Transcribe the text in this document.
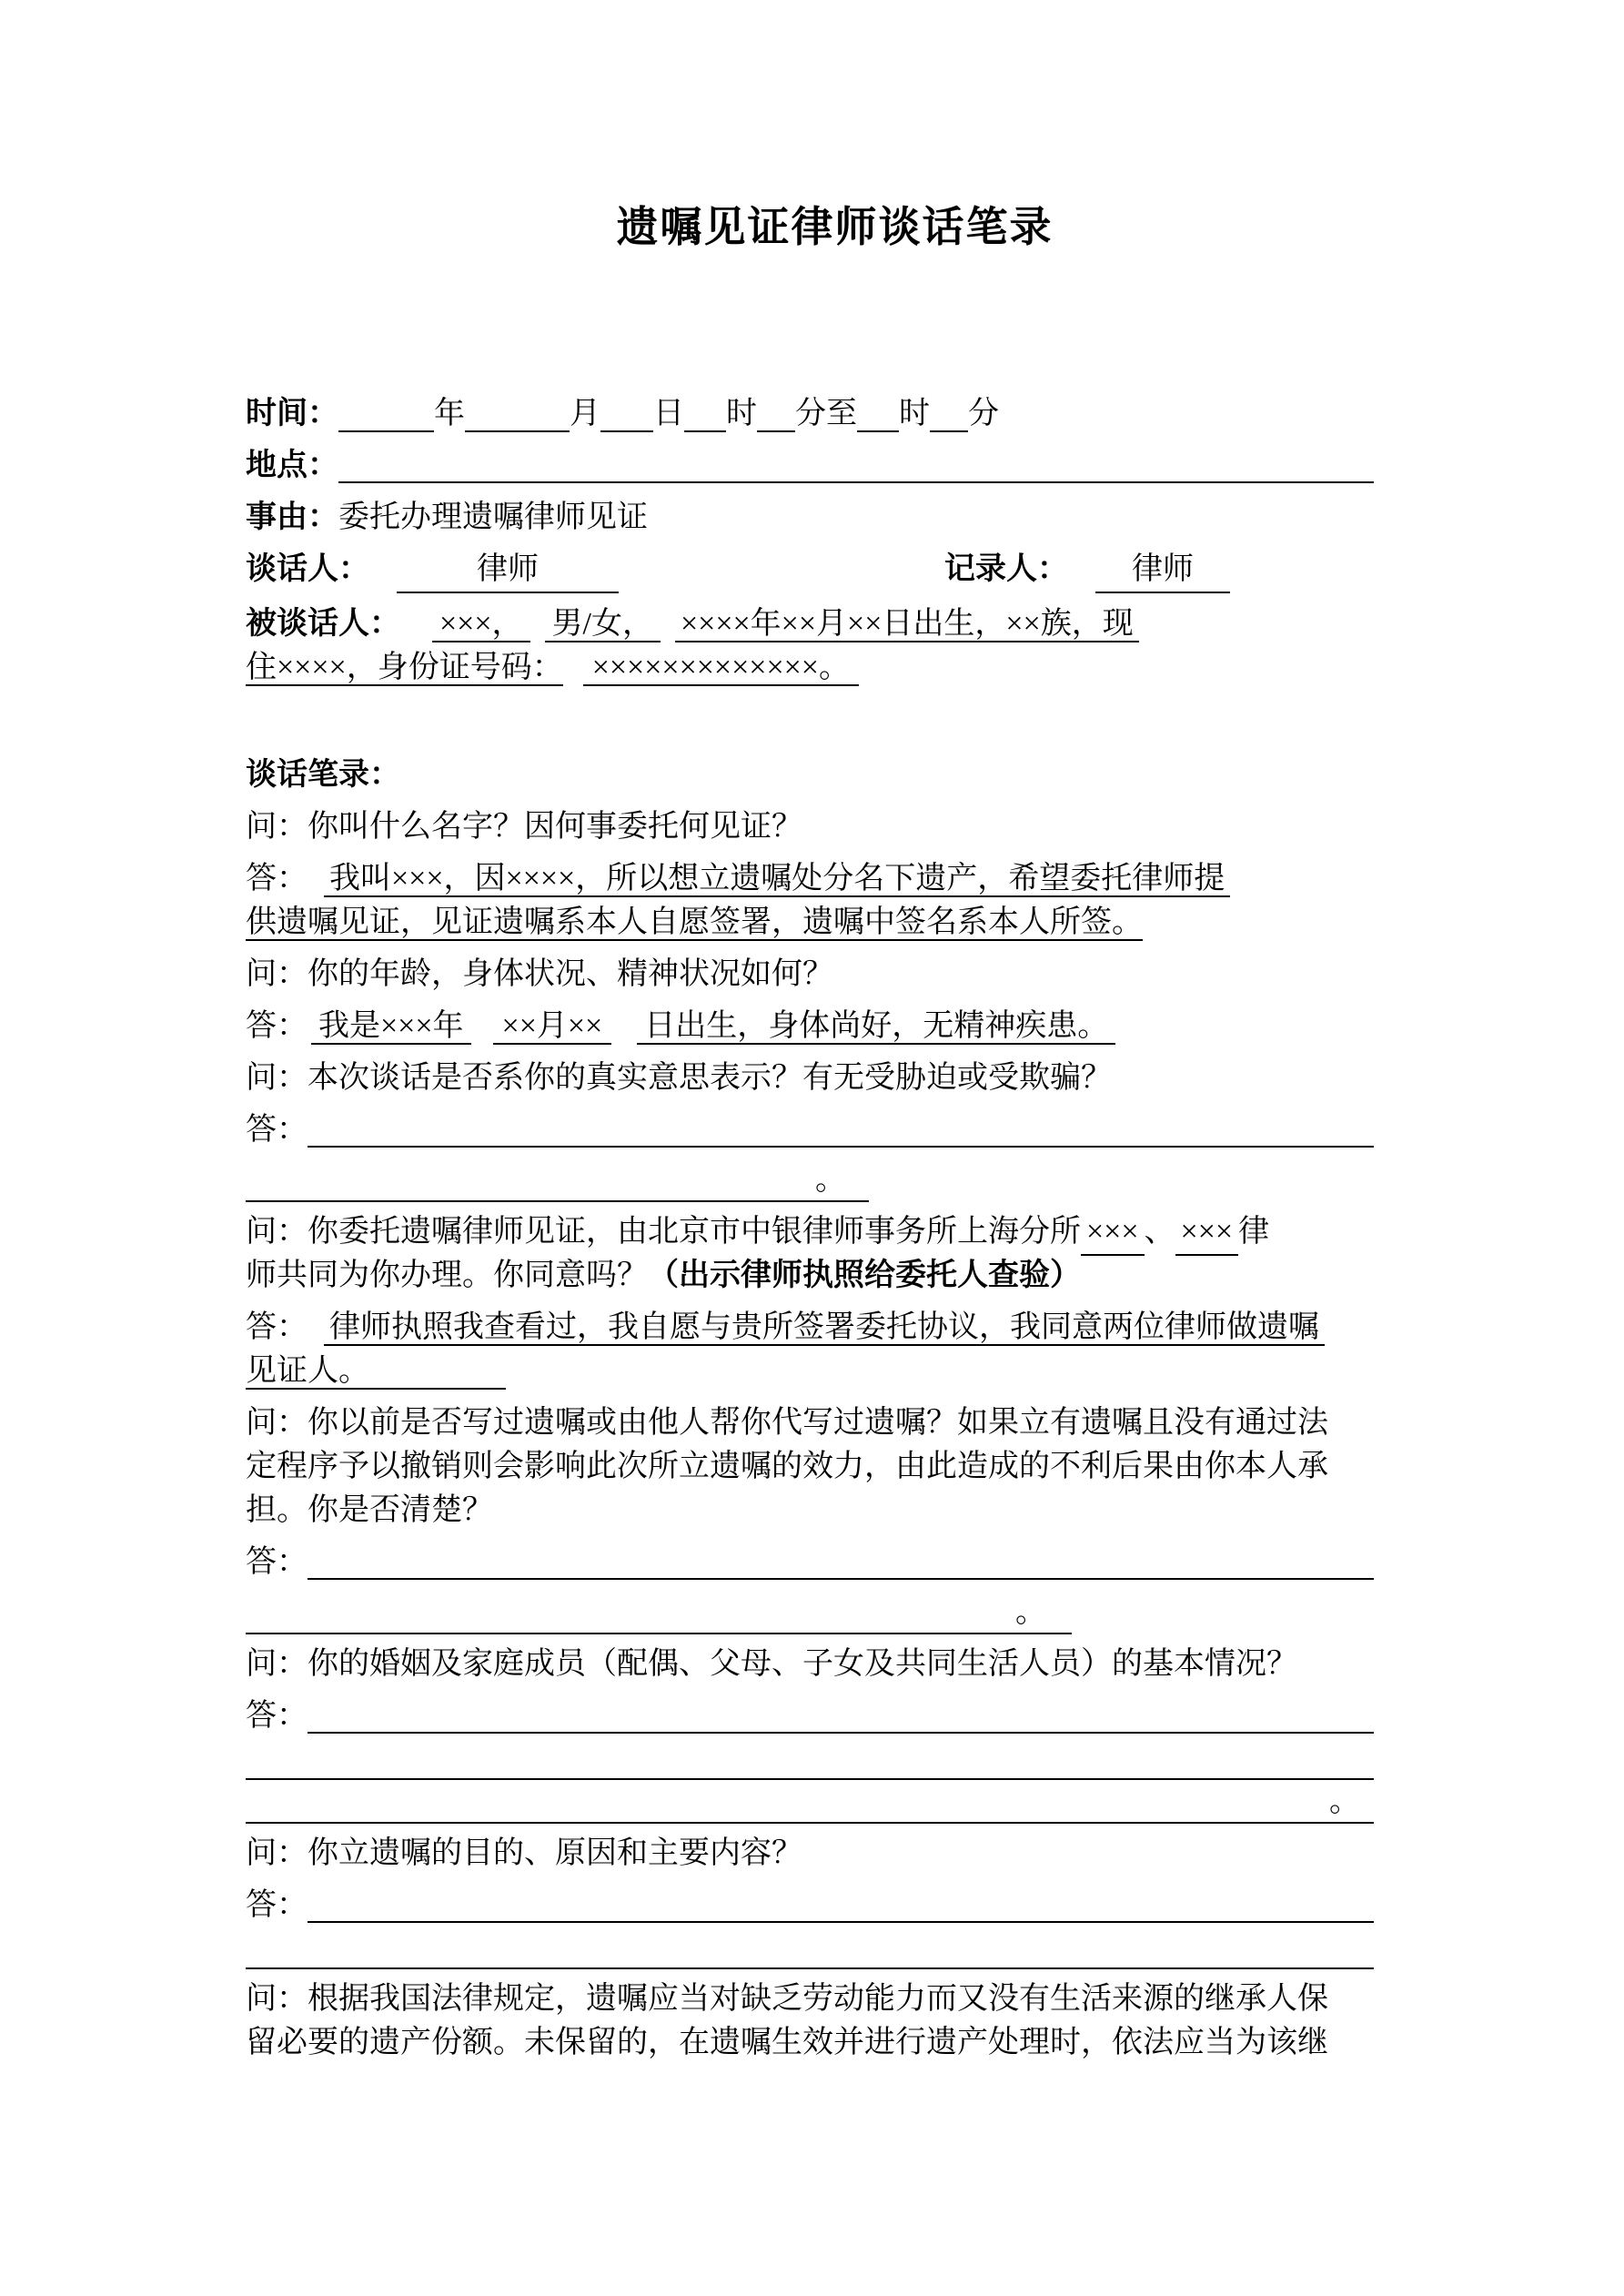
遗嘱见证律师谈话笔录
时间：	年	月 日 时 分至 时 分
地点：
事由：委托办理遗嘱律师见证
谈话人：	律师	记录人： 律师
被谈话人： ×××， 男/女， ××××年××月××日出生，××族，现
住××××，身份证号码： ×××××××××××××。
谈话笔录：
问：你叫什么名字？因何事委托何见证？
答： 我叫×××，因××××，所以想立遗嘱处分名下遗产，希望委托律师提
供遗嘱见证，见证遗嘱系本人自愿签署，遗嘱中签名系本人所签。
问：你的年龄，身体状况、精神状况如何？
答： 我是×××年 ××月×× 日出生，身体尚好，无精神疾患。
问：本次谈话是否系你的真实意思表示？有无受胁迫或受欺骗？
答：
。
问：你委托遗嘱律师见证，由北京市中银律师事务所上海分所 ××× 、 ××× 律
师共同为你办理。你同意吗？（出示律师执照给委托人查验）
答： 律师执照我查看过，我自愿与贵所签署委托协议，我同意两位律师做遗嘱
见证人。
问：你以前是否写过遗嘱或由他人帮你代写过遗嘱？如果立有遗嘱且没有通过法
定程序予以撤销则会影响此次所立遗嘱的效力，由此造成的不利后果由你本人承
担。你是否清楚？
答：
。
问：你的婚姻及家庭成员（配偶、父母、子女及共同生活人员）的基本情况？
答：
。
问：你立遗嘱的目的、原因和主要内容？
答：
问：根据我国法律规定，遗嘱应当对缺乏劳动能力而又没有生活来源的继承人保
留必要的遗产份额。未保留的，在遗嘱生效并进行遗产处理时，依法应当为该继
